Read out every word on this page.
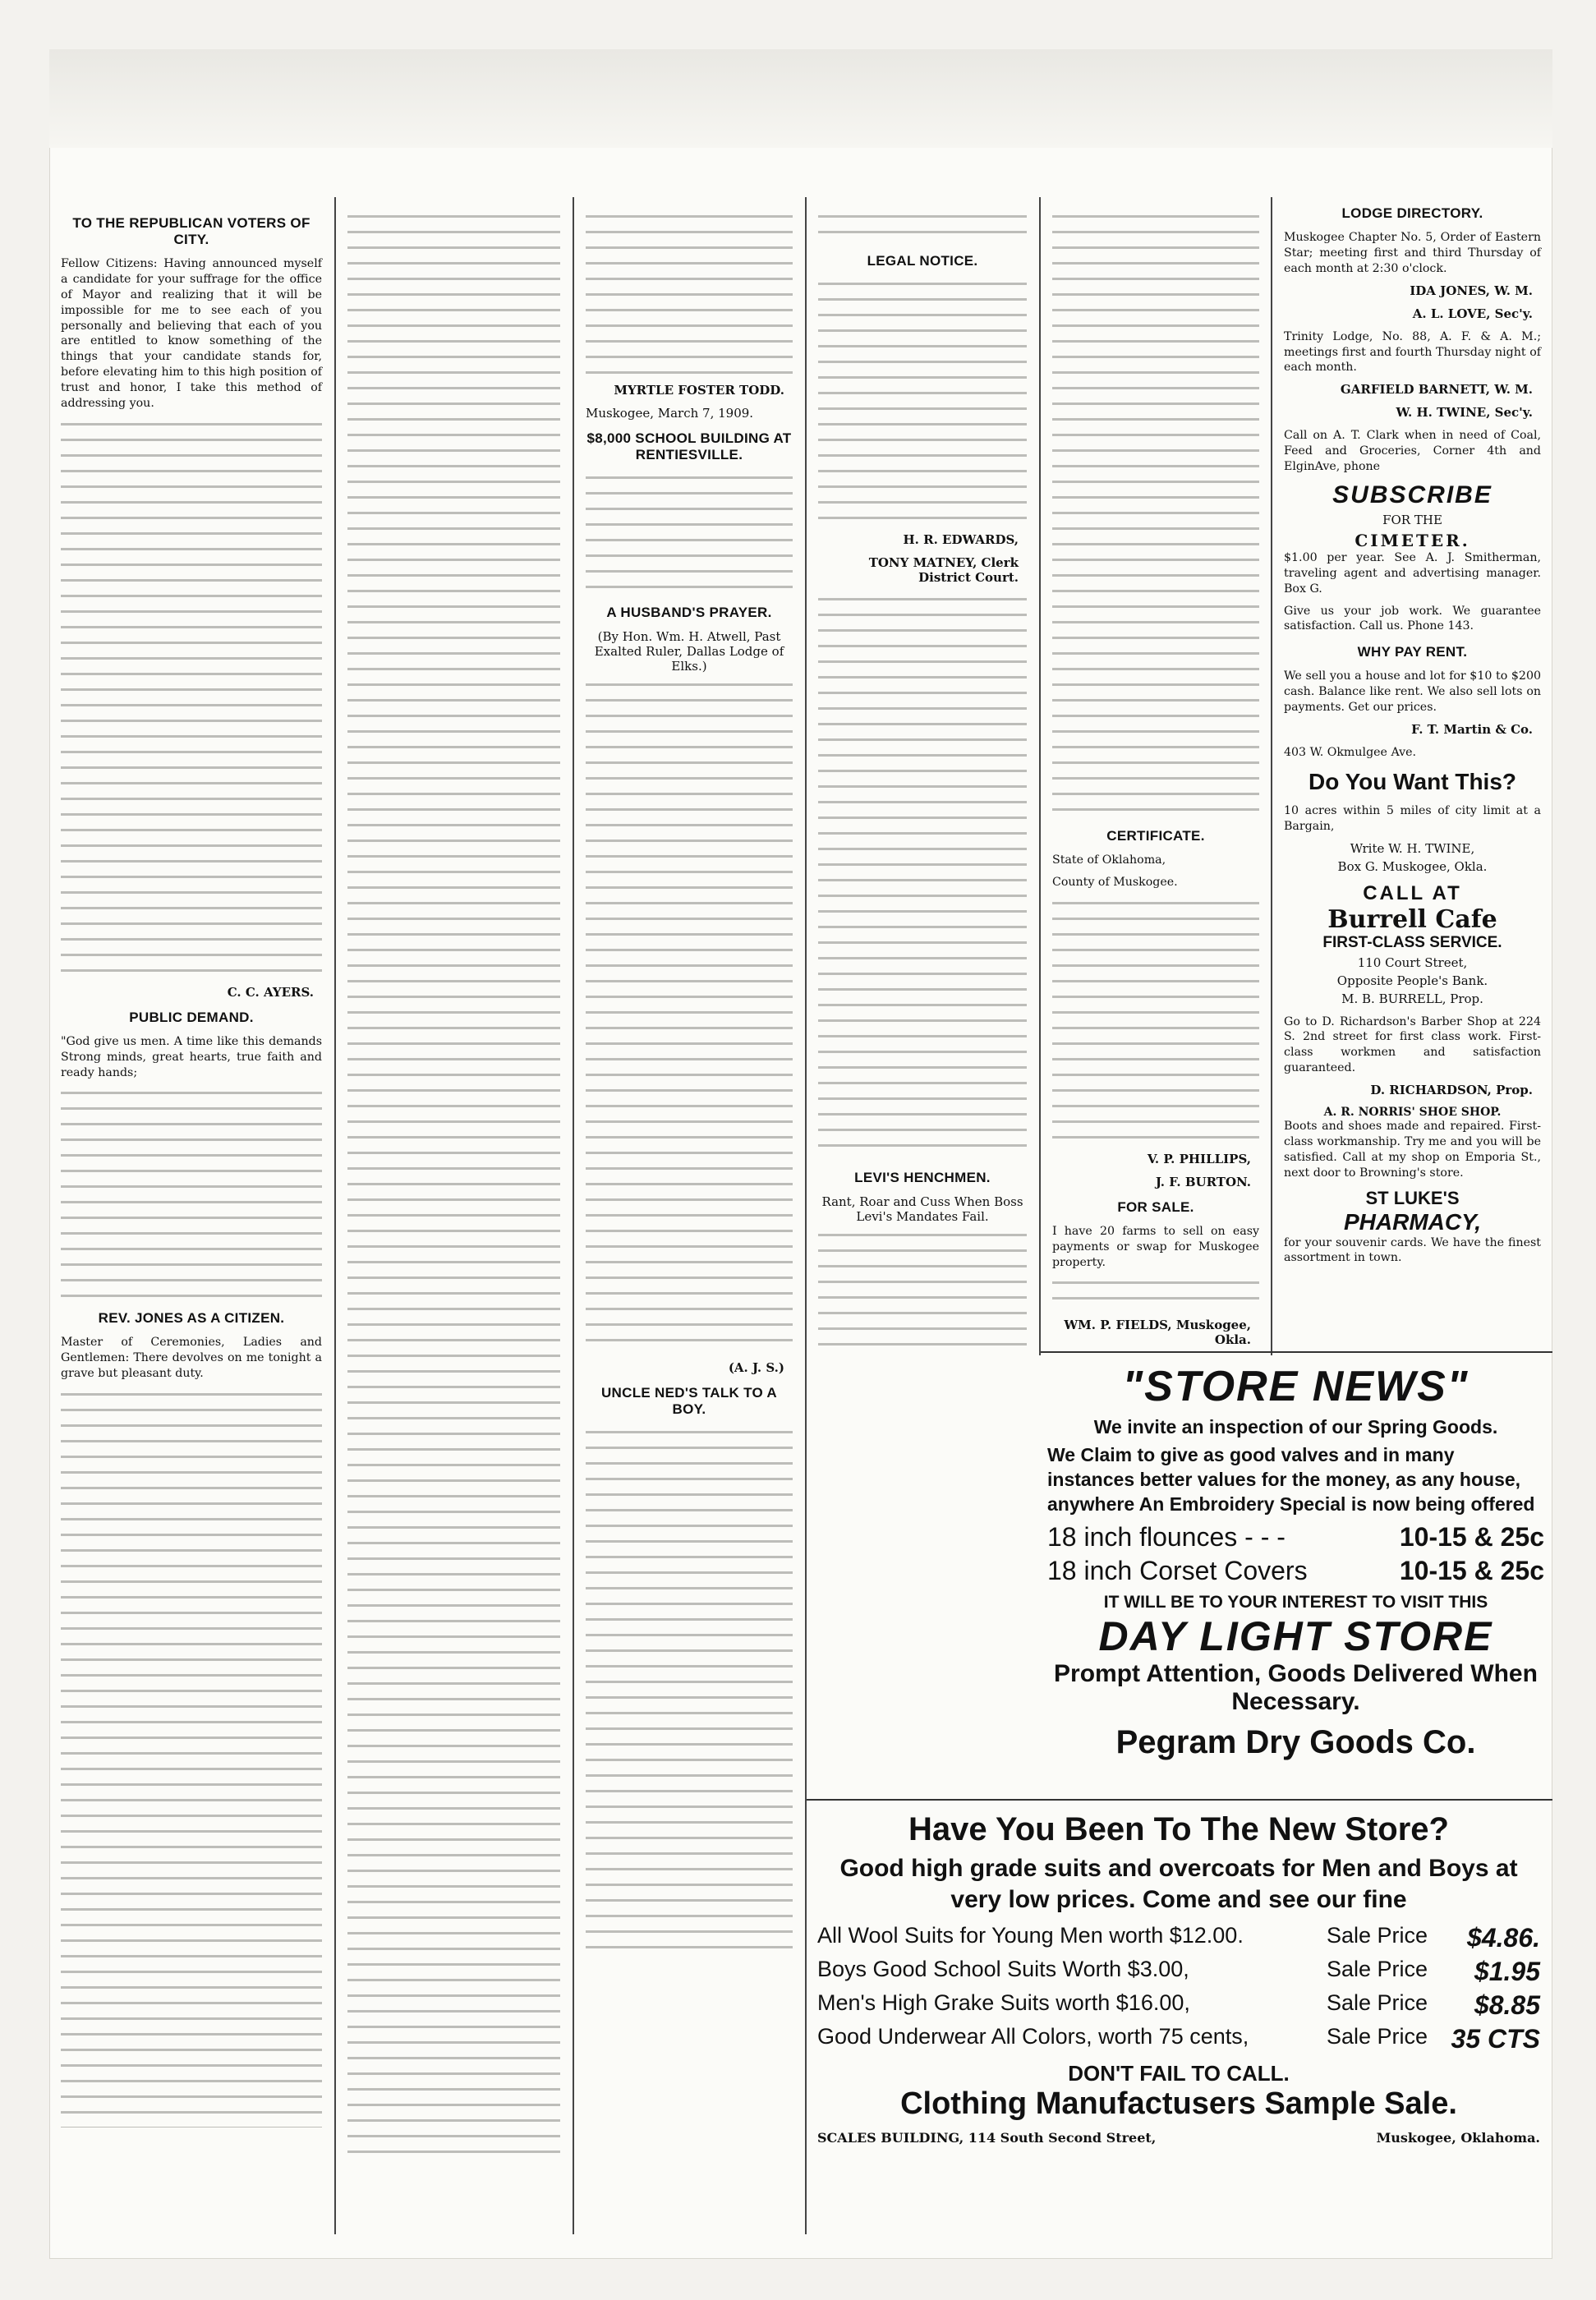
TO THE REPUBLICAN VOTERS OF CITY.

Fellow Citizens: Having announced myself a candidate for your suffrage for the office of Mayor and realizing that it will be impossible for me to see each of you personally and believing that each of you are entitled to know something of the things that your candidate stands for, before elevating him to this high position of trust and honor, I take this method of addressing you.

C. C. AYERS.
PUBLIC DEMAND.

"God give us men. A time like this demands Strong minds, great hearts, true faith and ready hands;

REV. JONES AS A CITIZEN.

Master of Ceremonies, Ladies and Gentlemen: There devolves on me tonight a grave but pleasant duty.

MYRTLE FOSTER TODD.
Muskogee, March 7, 1909.
$8,000 SCHOOL BUILDING AT RENTIESVILLE.
A HUSBAND'S PRAYER.
(By Hon. Wm. H. Atwell, Past Exalted Ruler, Dallas Lodge of Elks.)
(A. J. S.)
UNCLE NED'S TALK TO A BOY.
LEGAL NOTICE.
H. R. EDWARDS,
TONY MATNEY, Clerk District Court.
LEVI'S HENCHMEN.
Rant, Roar and Cuss When Boss Levi's Mandates Fail.
CERTIFICATE.
State of Oklahoma,
County of Muskogee.
V. P. PHILLIPS,
J. F. BURTON.
FOR SALE.

I have 20 farms to sell on easy payments or swap for Muskogee property.

WM. P. FIELDS, Muskogee, Okla.

LODGE DIRECTORY.

Muskogee Chapter No. 5, Order of Eastern Star; meeting first and third Thursday of each month at 2:30 o'clock.

IDA JONES, W. M.
A. L. LOVE, Sec'y.

Trinity Lodge, No. 88, A. F. & A. M.; meetings first and fourth Thursday night of each month.

GARFIELD BARNETT, W. M.
W. H. TWINE, Sec'y.

Call on A. T. Clark when in need of Coal, Feed and Groceries, Corner 4th and ElginAve, phone

SUBSCRIBE
FOR THE
CIMETER.

$1.00 per year. See A. J. Smitherman, traveling agent and advertising manager. Box G.

Give us your job work. We guarantee satisfaction. Call us. Phone 143.

WHY PAY RENT.

We sell you a house and lot for $10 to $200 cash. Balance like rent. We also sell lots on payments. Get our prices.

F. T. Martin & Co.
403 W. Okmulgee Ave.
Do You Want This?

10 acres within 5 miles of city limit at a Bargain,

Write W. H. TWINE,
Box G. Muskogee, Okla.
CALL AT
Burrell Cafe
FIRST-CLASS SERVICE.
110 Court Street,
Opposite People's Bank.
M. B. BURRELL, Prop.

Go to D. Richardson's Barber Shop at 224 S. 2nd street for first class work. First-class workmen and satisfaction guaranteed.

D. RICHARDSON, Prop.
A. R. NORRIS' SHOE SHOP.

Boots and shoes made and repaired. First-class workmanship. Try me and you will be satisfied. Call at my shop on Emporia St., next door to Browning's store.

ST LUKE'S
PHARMACY,

for your souvenir cards. We have the finest assortment in town.

"STORE NEWS"
We invite an inspection of our Spring Goods.
We Claim to give as good valves and in many instances better values for the money, as any house, anywhere An Embroidery Special is now being offered
18 inch flounces - - -	10-15 & 25c
18 inch Corset Covers	10-15 & 25c
IT WILL BE TO YOUR INTEREST TO VISIT THIS
DAY LIGHT STORE
Prompt Attention, Goods Delivered When Necessary.
Pegram Dry Goods Co.
Have You Been To The New Store?
Good high grade suits and overcoats for Men and Boys at very low prices. Come and see our fine
All Wool Suits for Young Men worth $12.00.	Sale Price	$4.86.
Boys Good School Suits Worth $3.00,	Sale Price	$1.95
Men's High Grake Suits worth $16.00,	Sale Price	$8.85
Good Underwear All Colors, worth 75 cents,	Sale Price 35 CTS
DON'T FAIL TO CALL.
Clothing Manufactusers Sample Sale.
SCALES BUILDING, 114 South Second Street,	Muskogee, Oklahoma.
